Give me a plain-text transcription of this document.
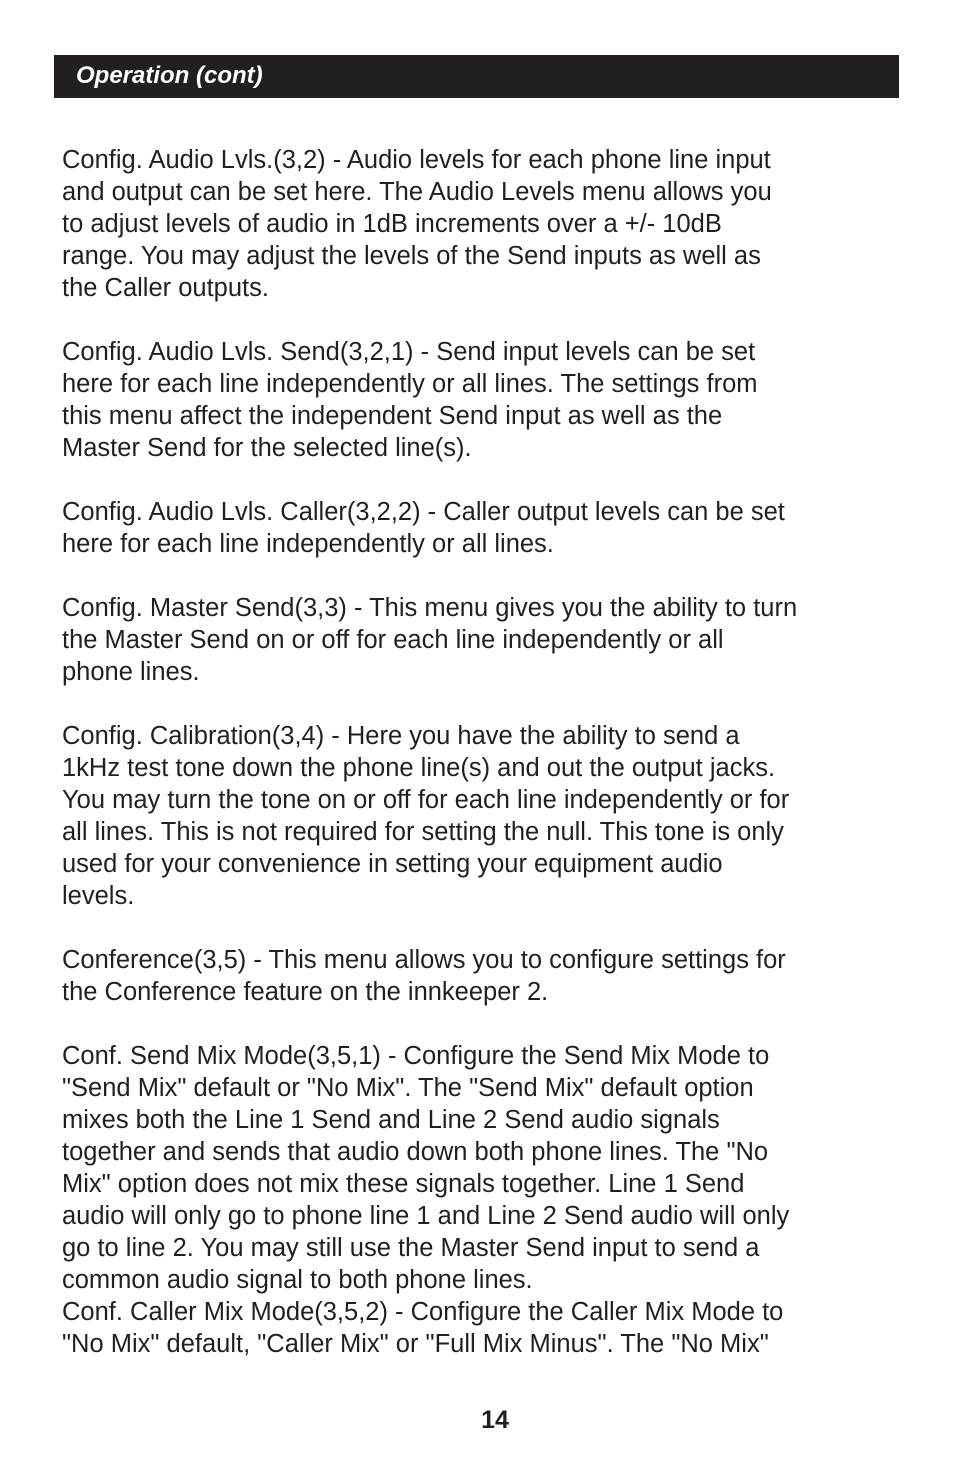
Operation (cont)

Config. Audio Lvls.(3,2) - Audio levels for each phone line input
and output can be set here. The Audio Levels menu allows you
to adjust levels of audio in 1dB increments over a +/- 10dB
range. You may adjust the levels of the Send inputs as well as
the Caller outputs.

Config. Audio Lvls. Send(3,2,1) - Send input levels can be set
here for each line independently or all lines. The settings from
this menu affect the independent Send input as well as the
Master Send for the selected line(s).

Config. Audio Lvls. Caller(3,2,2) - Caller output levels can be set
here for each line independently or all lines.

Config. Master Send(3,3) - This menu gives you the ability to turn
the Master Send on or off for each line independently or all
phone lines.

Config. Calibration(3,4) - Here you have the ability to send a
1kHz test tone down the phone line(s) and out the output jacks.
You may turn the tone on or off for each line independently or for
all lines. This is not required for setting the null. This tone is only
used for your convenience in setting your equipment audio
levels.

Conference(3,5) - This menu allows you to configure settings for
the Conference feature on the innkeeper 2.

Conf. Send Mix Mode(3,5,1) - Configure the Send Mix Mode to
"Send Mix" default or "No Mix". The "Send Mix" default option
mixes both the Line 1 Send and Line 2 Send audio signals
together and sends that audio down both phone lines. The "No
Mix" option does not mix these signals together. Line 1 Send
audio will only go to phone line 1 and Line 2 Send audio will only
go to line 2. You may still use the Master Send input to send a
common audio signal to both phone lines.

Conf. Caller Mix Mode(3,5,2) - Configure the Caller Mix Mode to
"No Mix" default, "Caller Mix" or "Full Mix Minus". The "No Mix"

14
